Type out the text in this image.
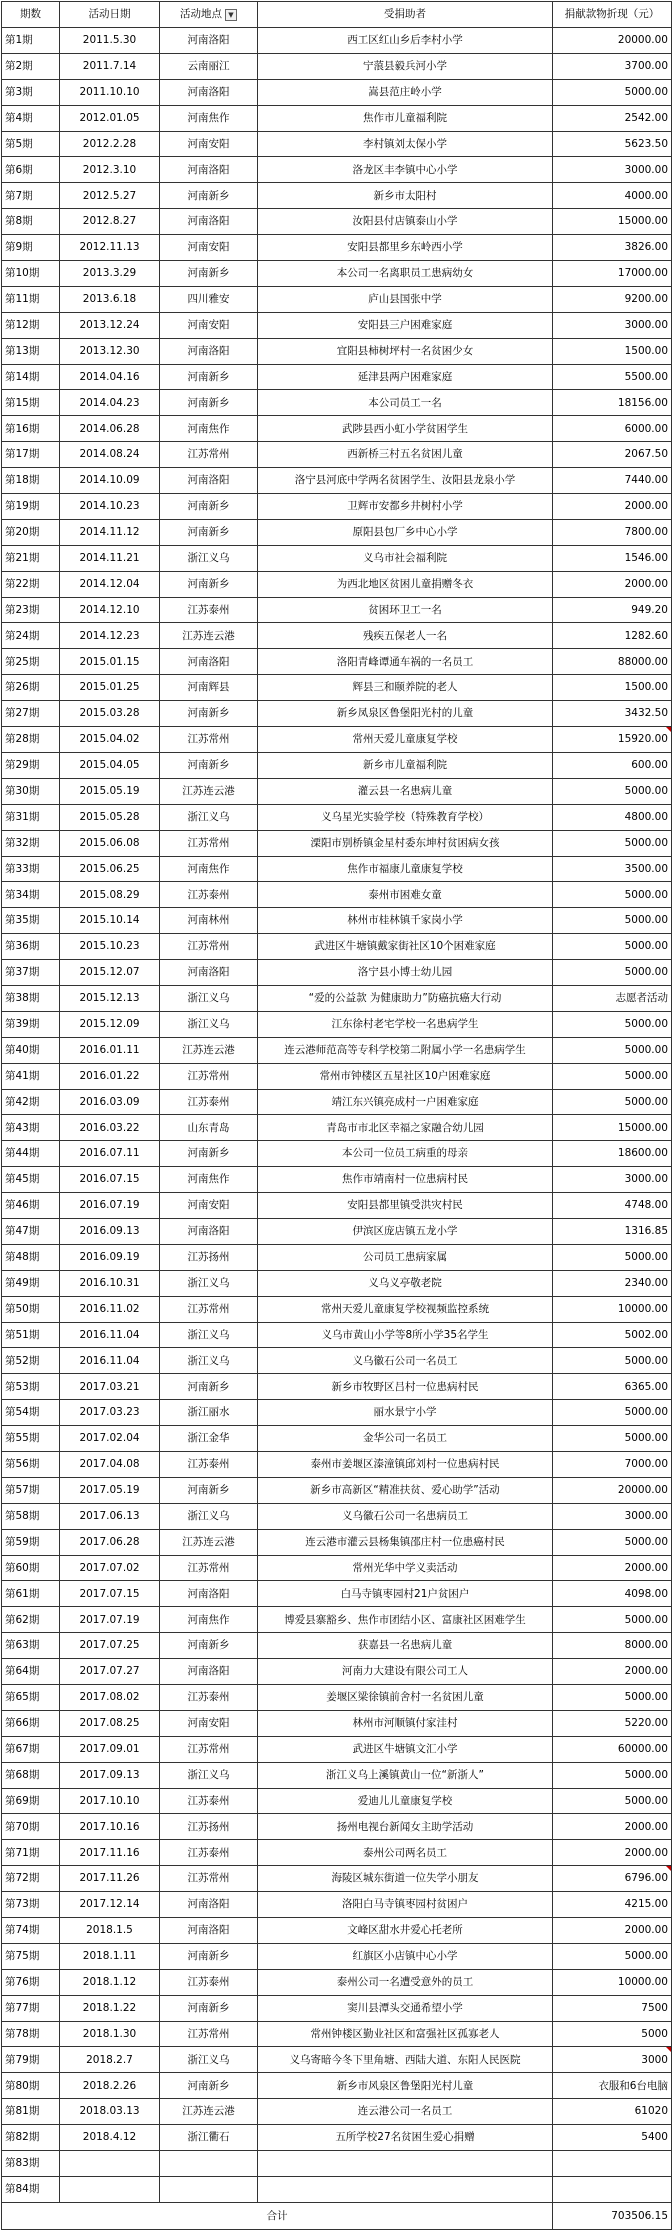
期数	活动日期	活动地点 ▼	受捐助者	捐献款物折现（元）
第1期	2011.5.30	河南洛阳	西工区红山乡后李村小学	20000.00
第2期	2011.7.14	云南丽江	宁蒗县毅兵河小学	3700.00
第3期	2011.10.10	河南洛阳	嵩县范庄岭小学	5000.00
第4期	2012.01.05	河南焦作	焦作市儿童福利院	2542.00
第5期	2012.2.28	河南安阳	李村镇刘太保小学	5623.50
第6期	2012.3.10	河南洛阳	洛龙区丰李镇中心小学	3000.00
第7期	2012.5.27	河南新乡	新乡市太阳村	4000.00
第8期	2012.8.27	河南洛阳	汝阳县付店镇泰山小学	15000.00
第9期	2012.11.13	河南安阳	安阳县都里乡东岭西小学	3826.00
第10期	2013.3.29	河南新乡	本公司一名离职员工患病幼女	17000.00
第11期	2013.6.18	四川雅安	庐山县国张中学	9200.00
第12期	2013.12.24	河南安阳	安阳县三户困难家庭	3000.00
第13期	2013.12.30	河南洛阳	宜阳县柿树坪村一名贫困少女	1500.00
第14期	2014.04.16	河南新乡	延津县两户困难家庭	5500.00
第15期	2014.04.23	河南新乡	本公司员工一名	18156.00
第16期	2014.06.28	河南焦作	武陟县西小虹小学贫困学生	6000.00
第17期	2014.08.24	江苏常州	西新桥三村五名贫困儿童	2067.50
第18期	2014.10.09	河南洛阳	洛宁县河底中学两名贫困学生、汝阳县龙泉小学	7440.00
第19期	2014.10.23	河南新乡	卫辉市安都乡井树村小学	2000.00
第20期	2014.11.12	河南新乡	原阳县包厂乡中心小学	7800.00
第21期	2014.11.21	浙江义乌	义乌市社会福利院	1546.00
第22期	2014.12.04	河南新乡	为西北地区贫困儿童捐赠冬衣	2000.00
第23期	2014.12.10	江苏泰州	贫困环卫工一名	949.20
第24期	2014.12.23	江苏连云港	残疾五保老人一名	1282.60
第25期	2015.01.15	河南洛阳	洛阳青峰谭通车祸的一名员工	88000.00
第26期	2015.01.25	河南辉县	辉县三和颐养院的老人	1500.00
第27期	2015.03.28	河南新乡	新乡凤泉区鲁堡阳光村的儿童	3432.50
第28期	2015.04.02	江苏常州	常州天爱儿童康复学校	15920.00
第29期	2015.04.05	河南新乡	新乡市儿童福利院	600.00
第30期	2015.05.19	江苏连云港	灌云县一名患病儿童	5000.00
第31期	2015.05.28	浙江义乌	义乌星光实验学校（特殊教育学校）	4800.00
第32期	2015.06.08	江苏常州	溧阳市别桥镇金星村委东坤村贫困病女孩	5000.00
第33期	2015.06.25	河南焦作	焦作市福康儿童康复学校	3500.00
第34期	2015.08.29	江苏泰州	泰州市困难女童	5000.00
第35期	2015.10.14	河南林州	林州市桂林镇千家岗小学	5000.00
第36期	2015.10.23	江苏常州	武进区牛塘镇戴家街社区10个困难家庭	5000.00
第37期	2015.12.07	河南洛阳	洛宁县小博士幼儿园	5000.00
第38期	2015.12.13	浙江义乌	“爱的公益款 为健康助力”防癌抗癌大行动	志愿者活动
第39期	2015.12.09	浙江义乌	江东徐村老宅学校一名患病学生	5000.00
第40期	2016.01.11	江苏连云港	连云港师范高等专科学校第二附属小学一名患病学生	5000.00
第41期	2016.01.22	江苏常州	常州市钟楼区五星社区10户困难家庭	5000.00
第42期	2016.03.09	江苏泰州	靖江东兴镇亮成村一户困难家庭	5000.00
第43期	2016.03.22	山东青岛	青岛市市北区幸福之家融合幼儿园	15000.00
第44期	2016.07.11	河南新乡	本公司一位员工病重的母亲	18600.00
第45期	2016.07.15	河南焦作	焦作市靖南村一位患病村民	3000.00
第46期	2016.07.19	河南安阳	安阳县都里镇受洪灾村民	4748.00
第47期	2016.09.13	河南洛阳	伊滨区庞店镇五龙小学	1316.85
第48期	2016.09.19	江苏扬州	公司员工患病家属	5000.00
第49期	2016.10.31	浙江义乌	义乌义亭敬老院	2340.00
第50期	2016.11.02	江苏常州	常州天爱儿童康复学校视频监控系统	10000.00
第51期	2016.11.04	浙江义乌	义乌市黄山小学等8所小学35名学生	5002.00
第52期	2016.11.04	浙江义乌	义乌徽石公司一名员工	5000.00
第53期	2017.03.21	河南新乡	新乡市牧野区吕村一位患病村民	6365.00
第54期	2017.03.23	浙江丽水	丽水景宁小学	5000.00
第55期	2017.02.04	浙江金华	金华公司一名员工	5000.00
第56期	2017.04.08	江苏泰州	泰州市姜堰区溱潼镇邱刘村一位患病村民	7000.00
第57期	2017.05.19	河南新乡	新乡市高新区“精准扶贫、爱心助学”活动	20000.00
第58期	2017.06.13	浙江义乌	义乌徽石公司一名患病员工	3000.00
第59期	2017.06.28	江苏连云港	连云港市灌云县杨集镇邵庄村一位患癌村民	5000.00
第60期	2017.07.02	江苏常州	常州光华中学义卖活动	2000.00
第61期	2017.07.15	河南洛阳	白马寺镇枣园村21户贫困户	4098.00
第62期	2017.07.19	河南焦作	博爱县寨豁乡、焦作市团结小区、富康社区困难学生	5000.00
第63期	2017.07.25	河南新乡	获嘉县一名患病儿童	8000.00
第64期	2017.07.27	河南洛阳	河南力大建设有限公司工人	2000.00
第65期	2017.08.02	江苏泰州	姜堰区梁徐镇前舍村一名贫困儿童	5000.00
第66期	2017.08.25	河南安阳	林州市河顺镇付家洼村	5220.00
第67期	2017.09.01	江苏常州	武进区牛塘镇文汇小学	60000.00
第68期	2017.09.13	浙江义乌	浙江义乌上溪镇黄山一位“新浙人”	5000.00
第69期	2017.10.10	江苏泰州	爱迪儿儿童康复学校	5000.00
第70期	2017.10.16	江苏扬州	扬州电视台新闻女主助学活动	2000.00
第71期	2017.11.16	江苏泰州	泰州公司两名员工	2000.00
第72期	2017.11.26	江苏常州	海陵区城东街道一位失学小朋友	6796.00
第73期	2017.12.14	河南洛阳	洛阳白马寺镇枣园村贫困户	4215.00
第74期	2018.1.5	河南洛阳	文峰区甜水井爱心托老所	2000.00
第75期	2018.1.11	河南新乡	红旗区小店镇中心小学	5000.00
第76期	2018.1.12	江苏泰州	泰州公司一名遭受意外的员工	10000.00
第77期	2018.1.22	河南新乡	窦川县潭头交通希望小学	7500
第78期	2018.1.30	江苏常州	常州钟楼区勤业社区和富强社区孤寡老人	5000
第79期	2018.2.7	浙江义乌	义乌寄暗今冬下里角塘、西陆大道、东阳人民医院	3000
第80期	2018.2.26	河南新乡	新乡市风泉区鲁堡阳光村儿童	衣服和6台电脑
第81期	2018.03.13	江苏连云港	连云港公司一名员工	61020
第82期	2018.4.12	浙江衢石	五所学校27名贫困生爱心捐赠	5400
第83期				
第84期				
合计				703506.15
